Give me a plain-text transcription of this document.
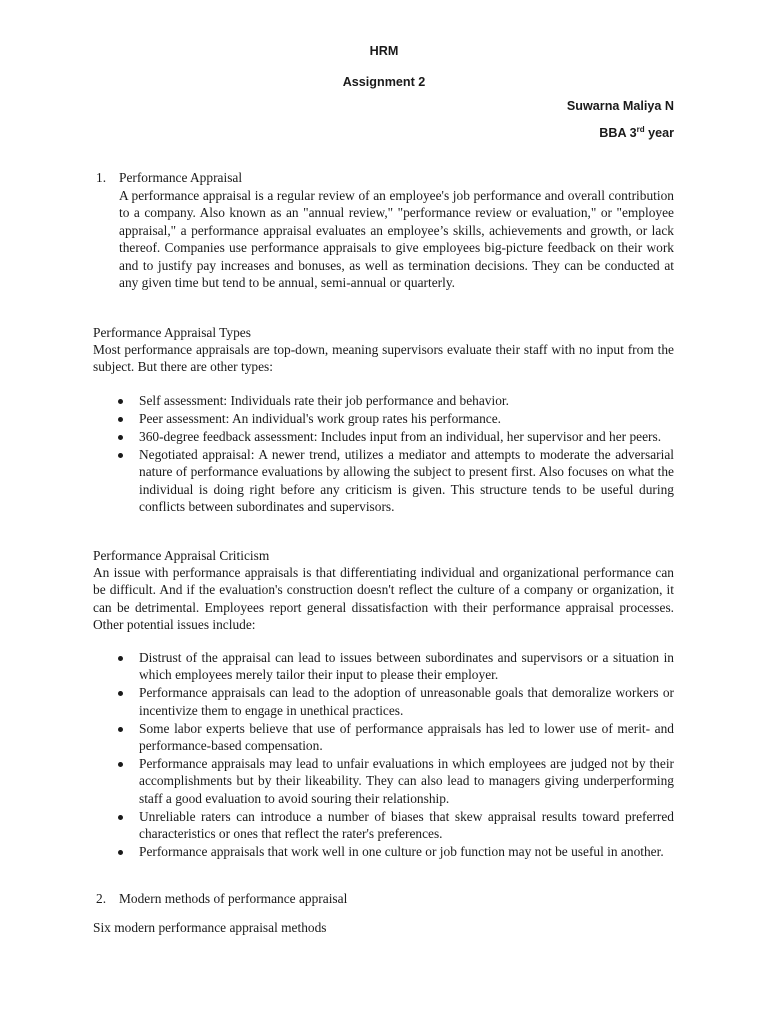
HRM
Assignment 2
Suwarna Maliya N
BBA 3rd year
1. Performance Appraisal
A performance appraisal is a regular review of an employee's job performance and overall contribution to a company. Also known as an "annual review," "performance review or evaluation," or "employee appraisal," a performance appraisal evaluates an employee’s skills, achievements and growth, or lack thereof. Companies use performance appraisals to give employees big-picture feedback on their work and to justify pay increases and bonuses, as well as termination decisions. They can be conducted at any given time but tend to be annual, semi-annual or quarterly.
Performance Appraisal Types
Most performance appraisals are top-down, meaning supervisors evaluate their staff with no input from the subject. But there are other types:
Self assessment: Individuals rate their job performance and behavior.
Peer assessment: An individual's work group rates his performance.
360-degree feedback assessment: Includes input from an individual, her supervisor and her peers.
Negotiated appraisal: A newer trend, utilizes a mediator and attempts to moderate the adversarial nature of performance evaluations by allowing the subject to present first. Also focuses on what the individual is doing right before any criticism is given. This structure tends to be useful during conflicts between subordinates and supervisors.
Performance Appraisal Criticism
An issue with performance appraisals is that differentiating individual and organizational performance can be difficult. And if the evaluation's construction doesn't reflect the culture of a company or organization, it can be detrimental. Employees report general dissatisfaction with their performance appraisal processes. Other potential issues include:
Distrust of the appraisal can lead to issues between subordinates and supervisors or a situation in which employees merely tailor their input to please their employer.
Performance appraisals can lead to the adoption of unreasonable goals that demoralize workers or incentivize them to engage in unethical practices.
Some labor experts believe that use of performance appraisals has led to lower use of merit- and performance-based compensation.
Performance appraisals may lead to unfair evaluations in which employees are judged not by their accomplishments but by their likeability. They can also lead to managers giving underperforming staff a good evaluation to avoid souring their relationship.
Unreliable raters can introduce a number of biases that skew appraisal results toward preferred characteristics or ones that reflect the rater's preferences.
Performance appraisals that work well in one culture or job function may not be useful in another.
2. Modern methods of performance appraisal
Six modern performance appraisal methods
